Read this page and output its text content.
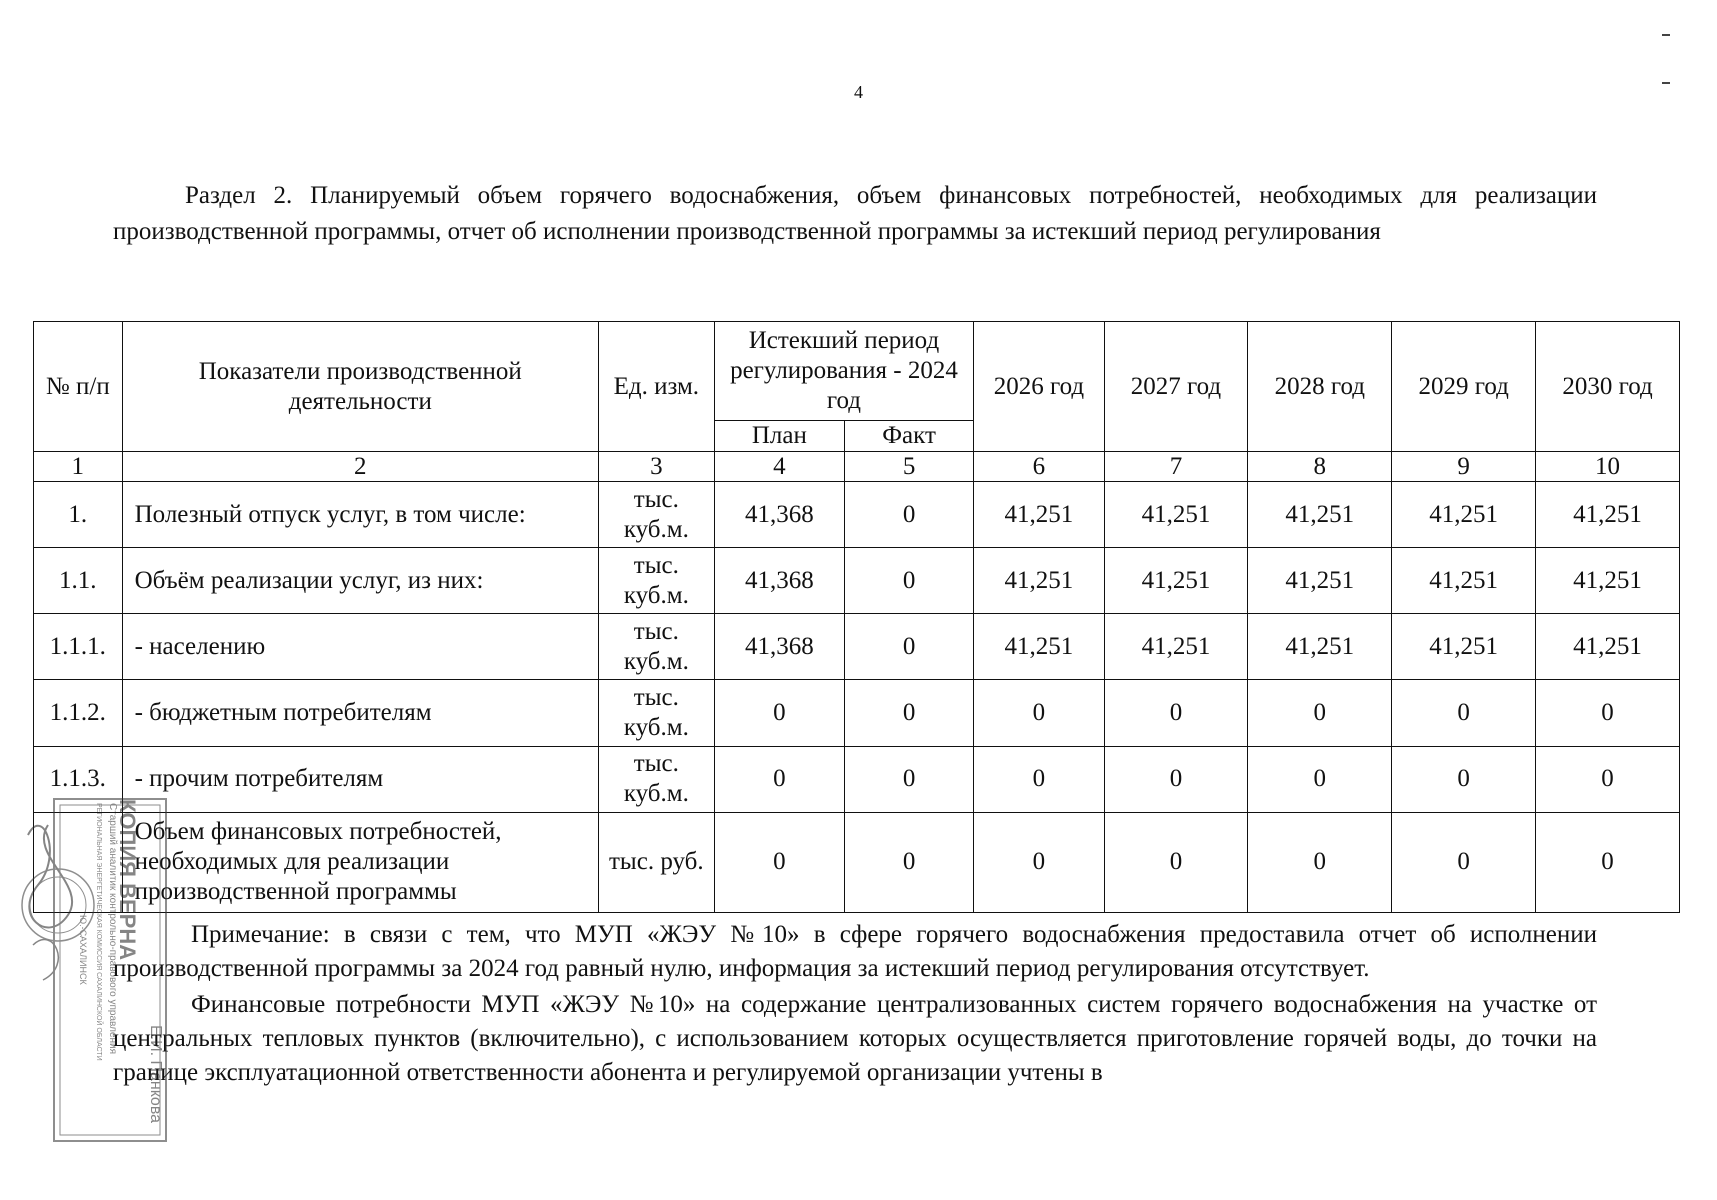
4
Раздел 2. Планируемый объем горячего водоснабжения, объем финансовых потребностей, необходимых для реализации производственной программы, отчет об исполнении производственной программы за истекший период регулирования
№ п/п	Показатели производственной деятельности	Ед. изм.	Истекший период регулирования - 2024 год		2026 год	2027 год	2028 год	2029 год	2030 год
			План	Факт					
1	2	3	4	5	6	7	8	9	10
1.	Полезный отпуск услуг, в том числе:	тыс. куб.м.	41,368	0	41,251	41,251	41,251	41,251	41,251
1.1.	Объём реализации услуг, из них:	тыс. куб.м.	41,368	0	41,251	41,251	41,251	41,251	41,251
1.1.1.	- населению	тыс. куб.м.	41,368	0	41,251	41,251	41,251	41,251	41,251
1.1.2.	- бюджетным потребителям	тыс. куб.м.	0	0	0	0	0	0	0
1.1.3.	- прочим потребителям	тыс. куб.м.	0	0	0	0	0	0	0
	Объем финансовых потребностей, необходимых для реализации производственной программы	тыс. руб.	0	0	0	0	0	0	0

Примечание: в связи с тем, что МУП «ЖЭУ №10» в сфере горячего водоснабжения предоставила отчет об исполнении производственной программы за 2024 год равный нулю, информация за истекший период регулирования отсутствует.

Финансовые потребности МУП «ЖЭУ №10» на содержание централизованных систем горячего водоснабжения на участке от центральных тепловых пунктов (включительно), с использованием которых осуществляется приготовление горячей воды, до точки на границе эксплуатационной ответственности абонента и регулируемой организации учтены в

КОПИЯ ВЕРНА
Старший аналитик контрольно-правового управления
РЕГИОНАЛЬНАЯ ЭНЕРГЕТИЧЕСКАЯ КОМИССИЯ САХАЛИНСКОЙ ОБЛАСТИ
Ю.-САХАЛИНСК
Е.И. Панкова
